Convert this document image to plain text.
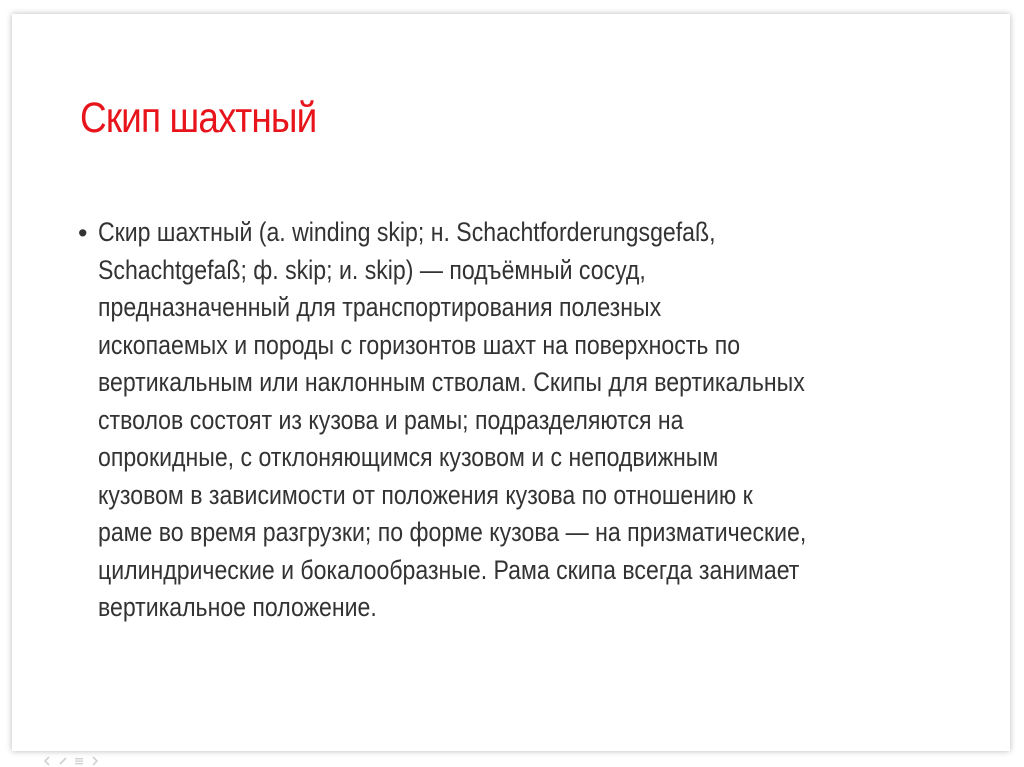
Скип шахтный
• Скир шахтный (a. winding skip; н. Schachtforderungsgefaß,
Schachtgefaß; ф. skip; и. skip) — подъёмный сосуд,
предназначенный для транспортирования полезных
ископаемых и породы с горизонтов шахт на поверхность по
вертикальным или наклонным стволам. Скипы для вертикальных
стволов состоят из кузова и рамы; подразделяются на
опрокидные, с отклоняющимся кузовом и с неподвижным
кузовом в зависимости от положения кузова по отношению к
раме во время разгрузки; по форме кузова — на призматические,
цилиндрические и бокалообразные. Рама скипа всегда занимает
вертикальное положение.
